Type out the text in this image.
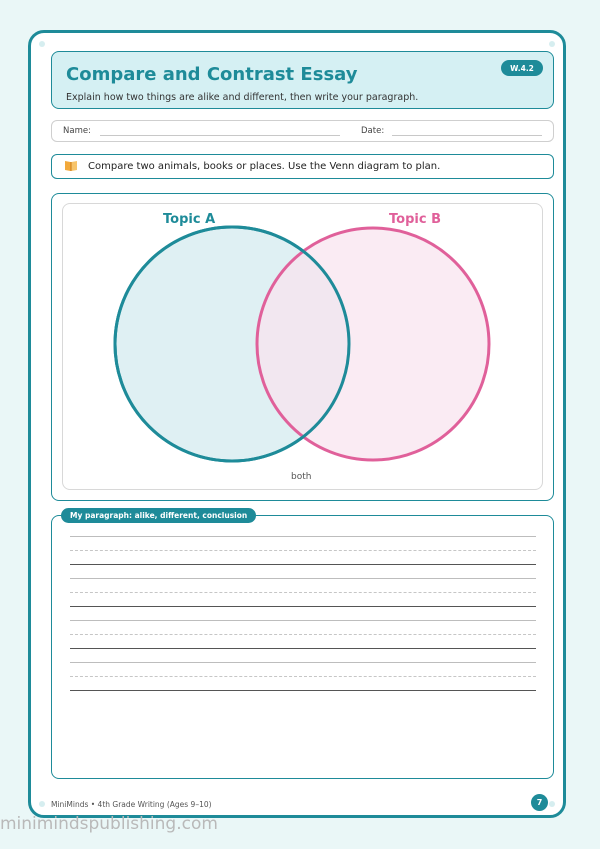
Compare and Contrast Essay
Explain how two things are alike and different, then write your paragraph.
W.4.2
Name:	Date:
Compare two animals, books or places. Use the Venn diagram to plan.
Topic A	Topic B
both
My paragraph: alike, different, conclusion
MiniMinds • 4th Grade Writing (Ages 9–10)	7
minimindspublishing.com
